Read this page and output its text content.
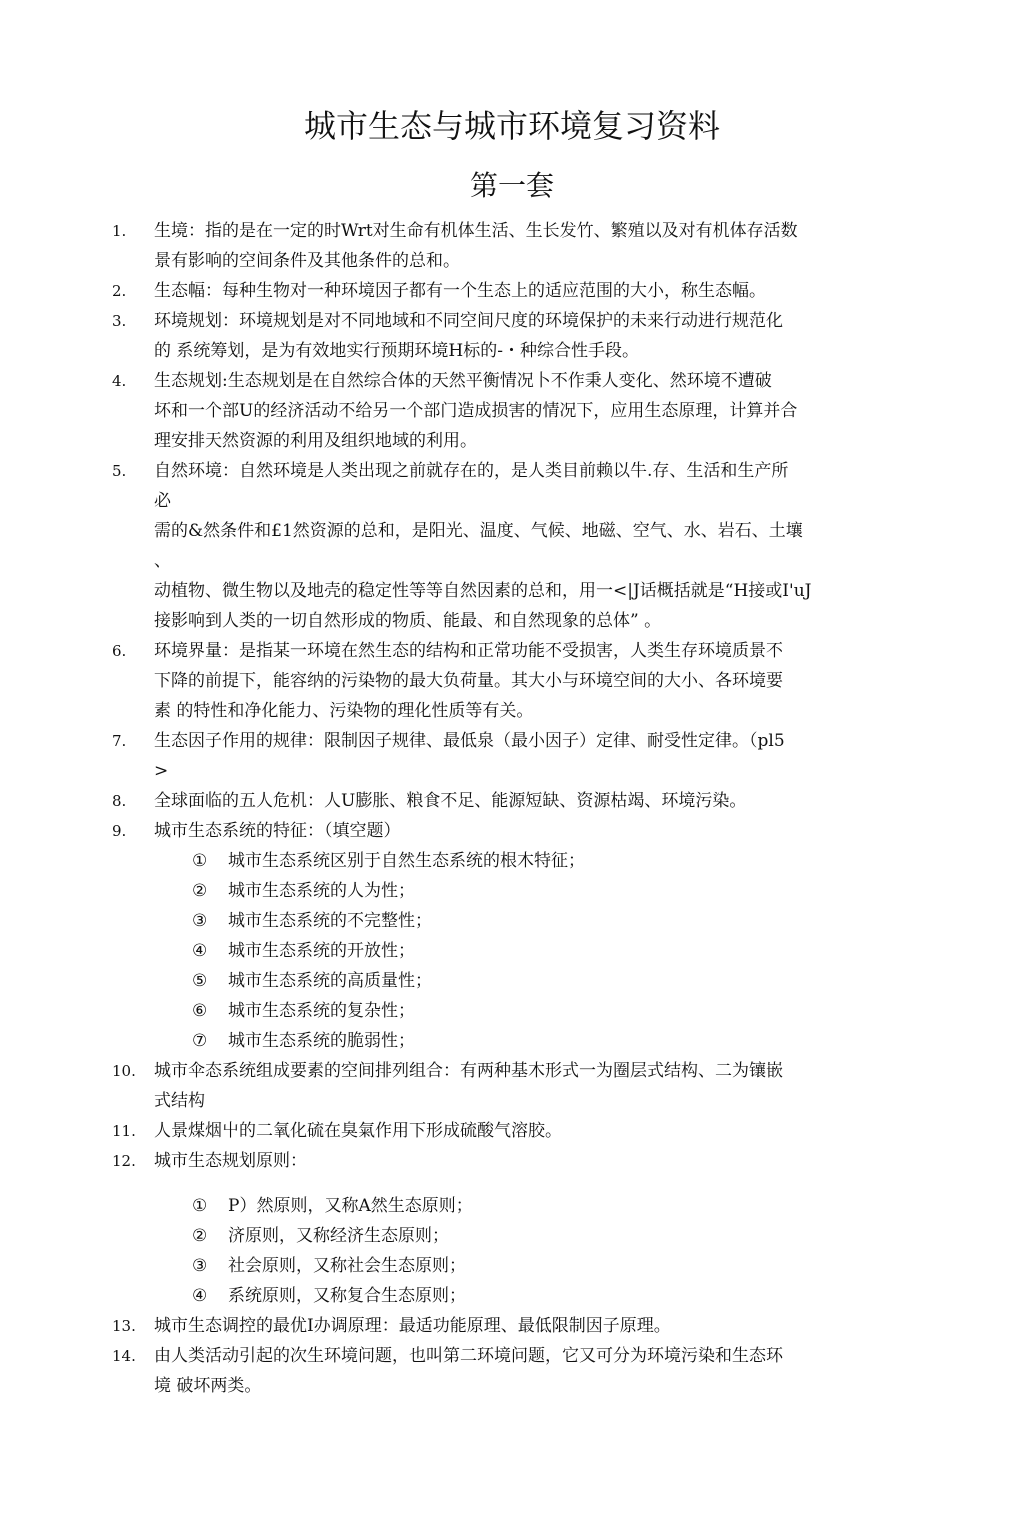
城市生态与城市环境复习资料
第一套
1.	生境：指的是在一定的时Wrt对生命有机体生活、生长发竹、繁殖以及对有机体存活数
景有影响的空间条件及其他条件的总和。
2.	生态幅：每种生物对一种环境因子都有一个生态上的适应范围的大小，称生态幅。
3.	环境规划：环境规划是对不同地域和不同空间尺度的环境保护的未来行动进行规范化
的 系统筹划，是为有效地实行预期环境H标的-・种综合性手段。
4.	生态规划:生态规划是在自然综合体的天然平衡情况卜不作秉人变化、然环境不遭破
坏和一个部U的经济活动不给另一个部门造成损害的情况下，应用生态原理，计算并合
理安排天然资源的利用及组织地域的利用。
5.	自然环境：自然环境是人类出现之前就存在的，是人类目前赖以牛.存、生活和生产所
必
需的&然条件和£1然资源的总和，是阳光、温度、气候、地磁、空气、水、岩石、土壤
、
动植物、微生物以及地壳的稳定性等等自然因素的总和，用一<|J话概括就是“H接或I'uJ
接影响到人类的一切自然形成的物质、能最、和自然现象的总体” 。
6.	环境界量：是指某一环境在然生态的结构和正常功能不受损害，人类生存环境质景不
下降的前提下，能容纳的污染物的最大负荷量。其大小与环境空间的大小、各环境要
素 的特性和净化能力、污染物的理化性质等有关。
7.	生态因子作用的规律：限制因子规律、最低泉（最小因子）定律、耐受性定律。（pl5
>
8.	全球面临的五人危机：人U膨胀、粮食不足、能源短缺、资源枯竭、环境污染。
9.	城市生态系统的特征：（填空题）
① 城市生态系统区别于自然生态系统的根木特征；
② 城市生态系统的人为性；
③ 城市生态系统的不完整性；
④ 城市生态系统的开放性；
⑤ 城市生态系统的高质量性；
⑥ 城市生态系统的复杂性；
⑦ 城市生态系统的脆弱性；
10.	城市伞态系统组成要素的空间排列组合：有两种基木形式一为圈层式结构、二为镶嵌
式结构
11.	人景煤烟屮的二氧化硫在臭氣作用下形成硫酸气溶胶。
12.	城市生态规划原则：
① P）然原则，又称A然生态原则；
② 济原则，又称经济生态原则；
③ 社会原则，又称社会生态原则；
④ 系统原则，又称复合生态原则；
13.	城市生态调控的最优I办调原理：最适功能原理、最低限制因子原理。
14.	由人类活动引起的次生环境问题，也叫第二环境问题，它又可分为环境污染和生态环
境 破坏两类。
